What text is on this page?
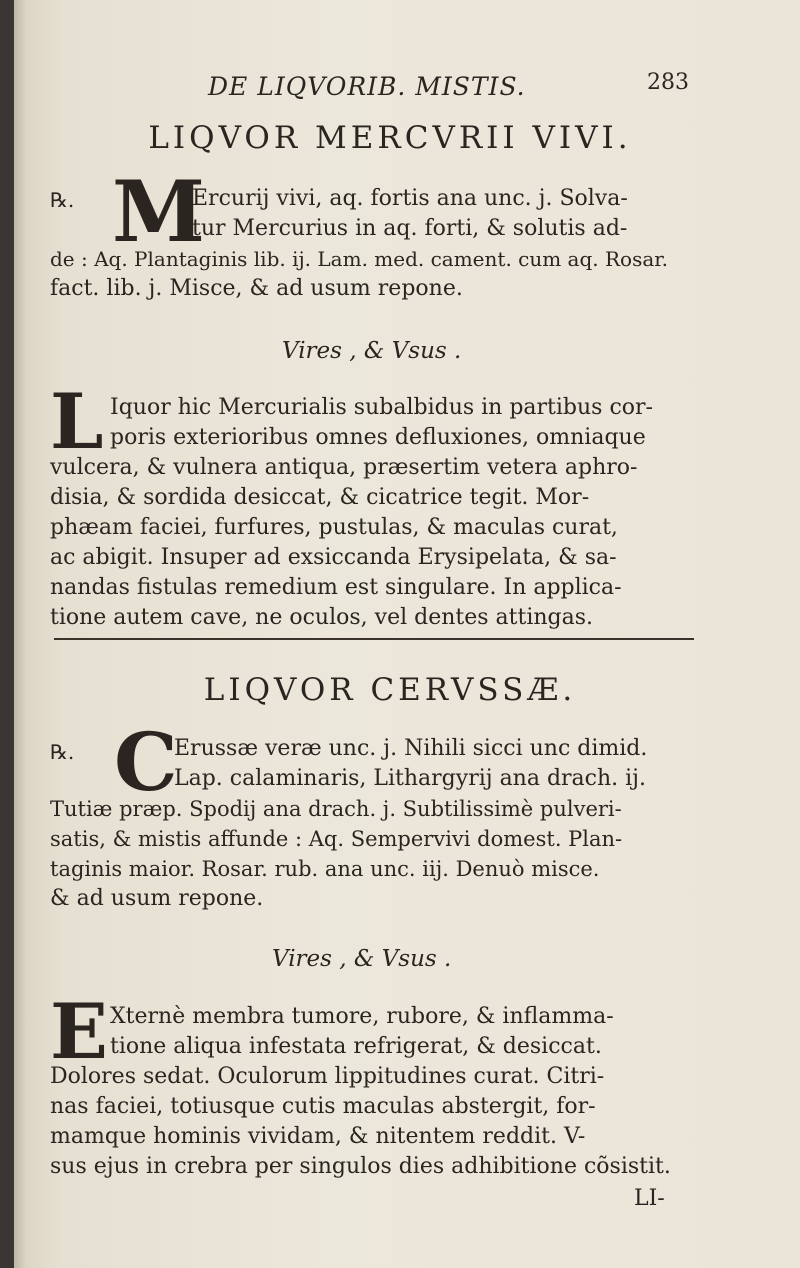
DE LIQVORIB. MISTIS.	283
LIQVOR MERCVRII VIVI.
℞. M
Ercurij vivi, aq. fortis ana unc. j. Solva-
tur Mercurius in aq. forti, & solutis ad-
de : Aq. Plantaginis lib. ij. Lam. med. cament. cum aq. Rosar.
fact. lib. j. Misce, & ad usum repone.
Vires , & Vsus .
L Iquor hic Mercurialis subalbidus in partibus cor-
poris exterioribus omnes defluxiones, omniaque
vulcera, & vulnera antiqua, præsertim vetera aphro-
disia, & sordida desiccat, & cicatrice tegit. Mor-
phæam faciei, furfures, pustulas, & maculas curat,
ac abigit. Insuper ad exsiccanda Erysipelata, & sa-
nandas fistulas remedium est singulare. In applica-
tione autem cave, ne oculos, vel dentes attingas.
LIQVOR CERVSSÆ.
℞. C
Erussæ veræ unc. j. Nihili sicci unc dimid.
Lap. calaminaris, Lithargyrij ana drach. ij.
Tutiæ præp. Spodij ana drach. j. Subtilissimè pulveri-
satis, & mistis affunde : Aq. Sempervivi domest. Plan-
taginis maior. Rosar. rub. ana unc. iij. Denuò misce.
& ad usum repone.
Vires , & Vsus .
E Xternè membra tumore, rubore, & inflamma-
tione aliqua infestata refrigerat, & desiccat.
Dolores sedat. Oculorum lippitudines curat. Citri-
nas faciei, totiusque cutis maculas abstergit, for-
mamque hominis vividam, & nitentem reddit. V-
sus ejus in crebra per singulos dies adhibitione cõsistit.
LI-
